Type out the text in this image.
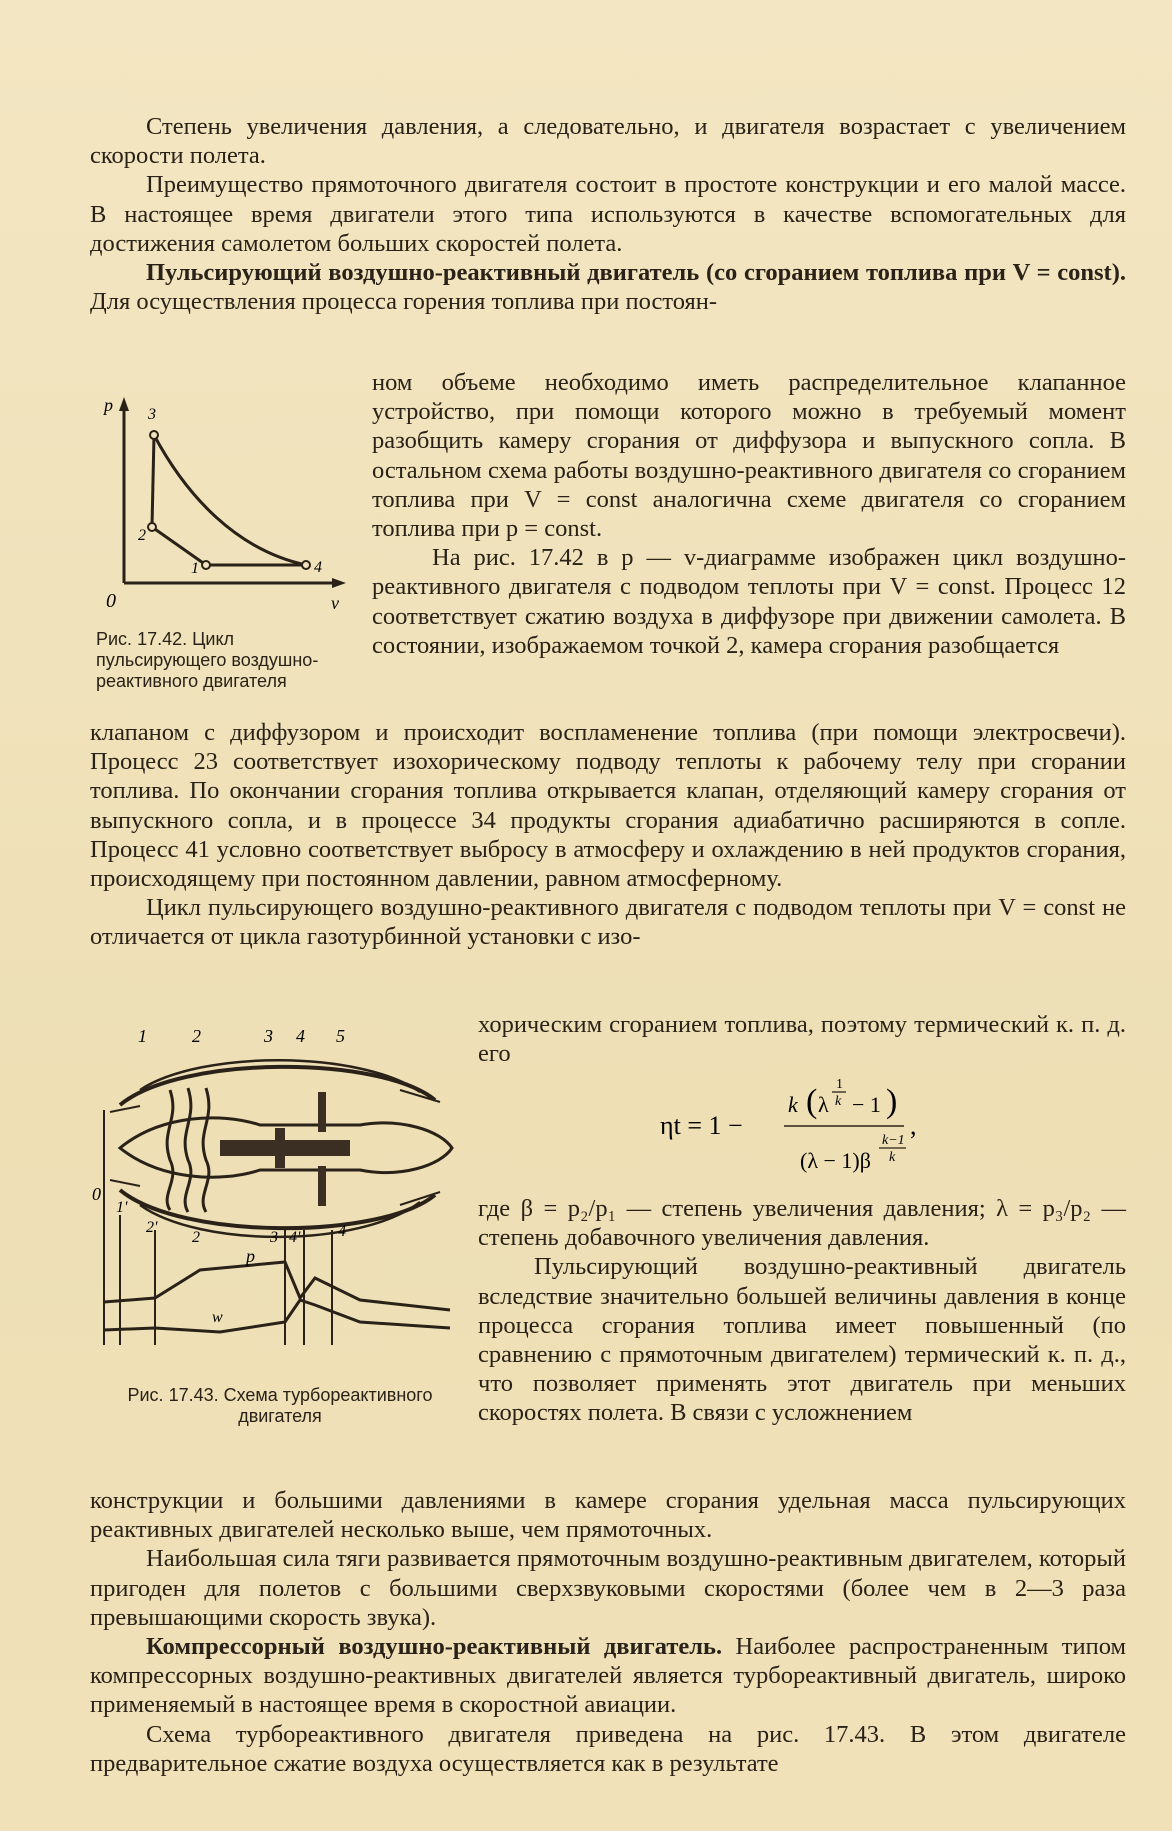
Степень увеличения давления, а следовательно, и двигателя возрастает с увеличением скорости полета.

Преимущество прямоточного двигателя состоит в простоте конструкции и его малой массе. В настоящее время двигатели этого типа используются в качестве вспомогательных для достижения самолетом больших скоростей полета.

Пульсирующий воздушно-реактивный двигатель (со сгоранием топлива при V = const). Для осуществления процесса горения топлива при постоян-

ном объеме необходимо иметь распределительное клапанное устройство, при помощи которого можно в требуемый момент разобщить камеру сгорания от диффузора и выпускного сопла. В остальном схема работы воздушно-реактивного двигателя со сгоранием топлива при V = const аналогична схеме двигателя со сгоранием топлива при p = const.

На рис. 17.42 в p — v-диаграмме изображен цикл воздушно-реактивного двигателя с подводом теплоты при V = const. Процесс 12 соответствует сжатию воздуха в диффузоре при движении самолета. В состоянии, изображаемом точкой 2, камера сгорания разобщается

p
v
0
3
2
1	4
Рис. 17.42. Цикл пульсирующего воздушно-реактивного двигателя

клапаном с диффузором и происходит воспламенение топлива (при помощи электросвечи). Процесс 23 соответствует изохорическому подводу теплоты к рабочему телу при сгорании топлива. По окончании сгорания топлива открывается клапан, отделяющий камеру сгорания от выпускного сопла, и в процессе 34 продукты сгорания адиабатично расширяются в сопле. Процесс 41 условно соответствует выбросу в атмосферу и охлаждению в ней продуктов сгорания, происходящему при постоянном давлении, равном атмосферному.

Цикл пульсирующего воздушно-реактивного двигателя с подводом теплоты при V = const не отличается от цикла газотурбинной установки с изо-

хорическим сгоранием топлива, поэтому термический к. п. д. его

ηt = 1 −
k ( λ
1
k − 1 )
(λ − 1)β
k−1
k
,

где β = p₂/p₁ — степень увеличения давления; λ = p₃/p₂ — степень добавочного увеличения давления.

Пульсирующий воздушно-реактивный двигатель вследствие значительно большей величины давления в конце процесса сгорания топлива имеет повышенный (по сравнению с прямоточным двигателем) термический к. п. д., что позволяет применять этот двигатель при меньших скоростях полета. В связи с усложнением

1	2	3 4 5
0
1'
2'
2	3 4' 4
p
w
Рис. 17.43. Схема турбореактивного двигателя

конструкции и большими давлениями в камере сгорания удельная масса пульсирующих реактивных двигателей несколько выше, чем прямоточных.

Наибольшая сила тяги развивается прямоточным воздушно-реактивным двигателем, который пригоден для полетов с большими сверхзвуковыми скоростями (более чем в 2—3 раза превышающими скорость звука).

Компрессорный воздушно-реактивный двигатель. Наиболее распространенным типом компрессорных воздушно-реактивных двигателей является турбореактивный двигатель, широко применяемый в настоящее время в скоростной авиации.

Схема турбореактивного двигателя приведена на рис. 17.43. В этом двигателе предварительное сжатие воздуха осуществляется как в результате
